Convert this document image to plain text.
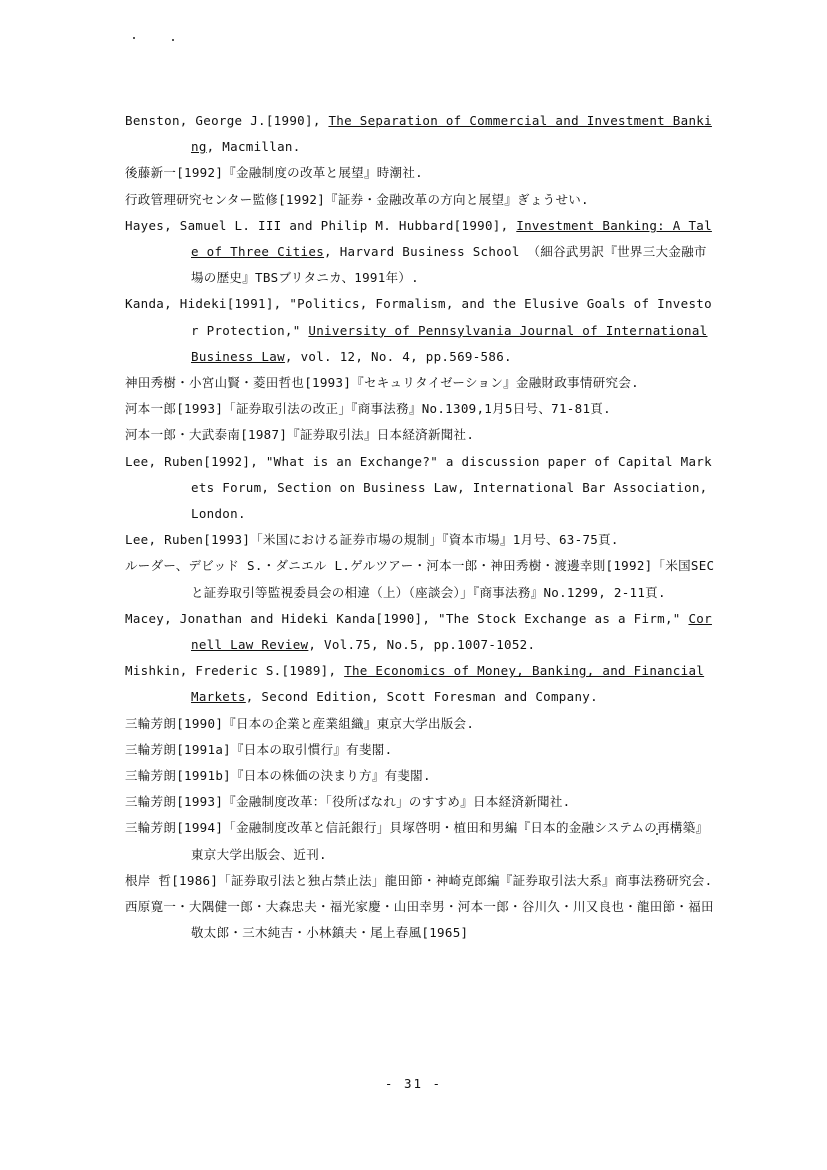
Benston, George J.[1990], The Separation of Commercial and Investment Banking, Macmillan.
後藤新一[1992]『金融制度の改革と展望』時潮社.
行政管理研究センター監修[1992]『証券・金融改革の方向と展望』ぎょうせい.
Hayes, Samuel L. III and Philip M. Hubbard[1990], Investment Banking: A Tale of Three Cities, Harvard Business School （細谷武男訳『世界三大金融市場の歴史』TBSブリタニカ、1991年）.
Kanda, Hideki[1991], "Politics, Formalism, and the Elusive Goals of Investor Protection," University of Pennsylvania Journal of International Business Law, vol. 12, No. 4, pp.569-586.
神田秀樹・小宮山賢・菱田哲也[1993]『セキュリタイゼーション』金融財政事情研究会.
河本一郎[1993]「証券取引法の改正」『商事法務』No.1309,1月5日号、71-81頁.
河本一郎・大武泰南[1987]『証券取引法』日本経済新聞社.
Lee, Ruben[1992], "What is an Exchange?" a discussion paper of Capital Markets Forum, Section on Business Law, International Bar Association, London.
Lee, Ruben[1993]「米国における証券市場の規制」『資本市場』1月号、63-75頁.
ルーダー、デビッド S.・ダニエル L.ゲルツアー・河本一郎・神田秀樹・渡邊幸則[1992]「米国SECと証券取引等監視委員会の相違（上）（座談会）」『商事法務』No.1299, 2-11頁.
Macey, Jonathan and Hideki Kanda[1990], "The Stock Exchange as a Firm," Cornell Law Review, Vol.75, No.5, pp.1007-1052.
Mishkin, Frederic S.[1989], The Economics of Money, Banking, and Financial Markets, Second Edition, Scott Foresman and Company.
三輪芳朗[1990]『日本の企業と産業組織』東京大学出版会.
三輪芳朗[1991a]『日本の取引慣行』有斐閣.
三輪芳朗[1991b]『日本の株価の決まり方』有斐閣.
三輪芳朗[1993]『金融制度改革：「役所ばなれ」のすすめ』日本経済新聞社.
三輪芳朗[1994]「金融制度改革と信託銀行」貝塚啓明・植田和男編『日本的金融システムの再構築』東京大学出版会、近刊.
根岸 哲[1986]「証券取引法と独占禁止法」龍田節・神崎克郎編『証券取引法大系』商事法務研究会.
西原寛一・大隅健一郎・大森忠夫・福光家慶・山田幸男・河本一郎・谷川久・川又良也・龍田節・福田敬太郎・三木純吉・小林鎮夫・尾上春風[1965]
- 31 -
